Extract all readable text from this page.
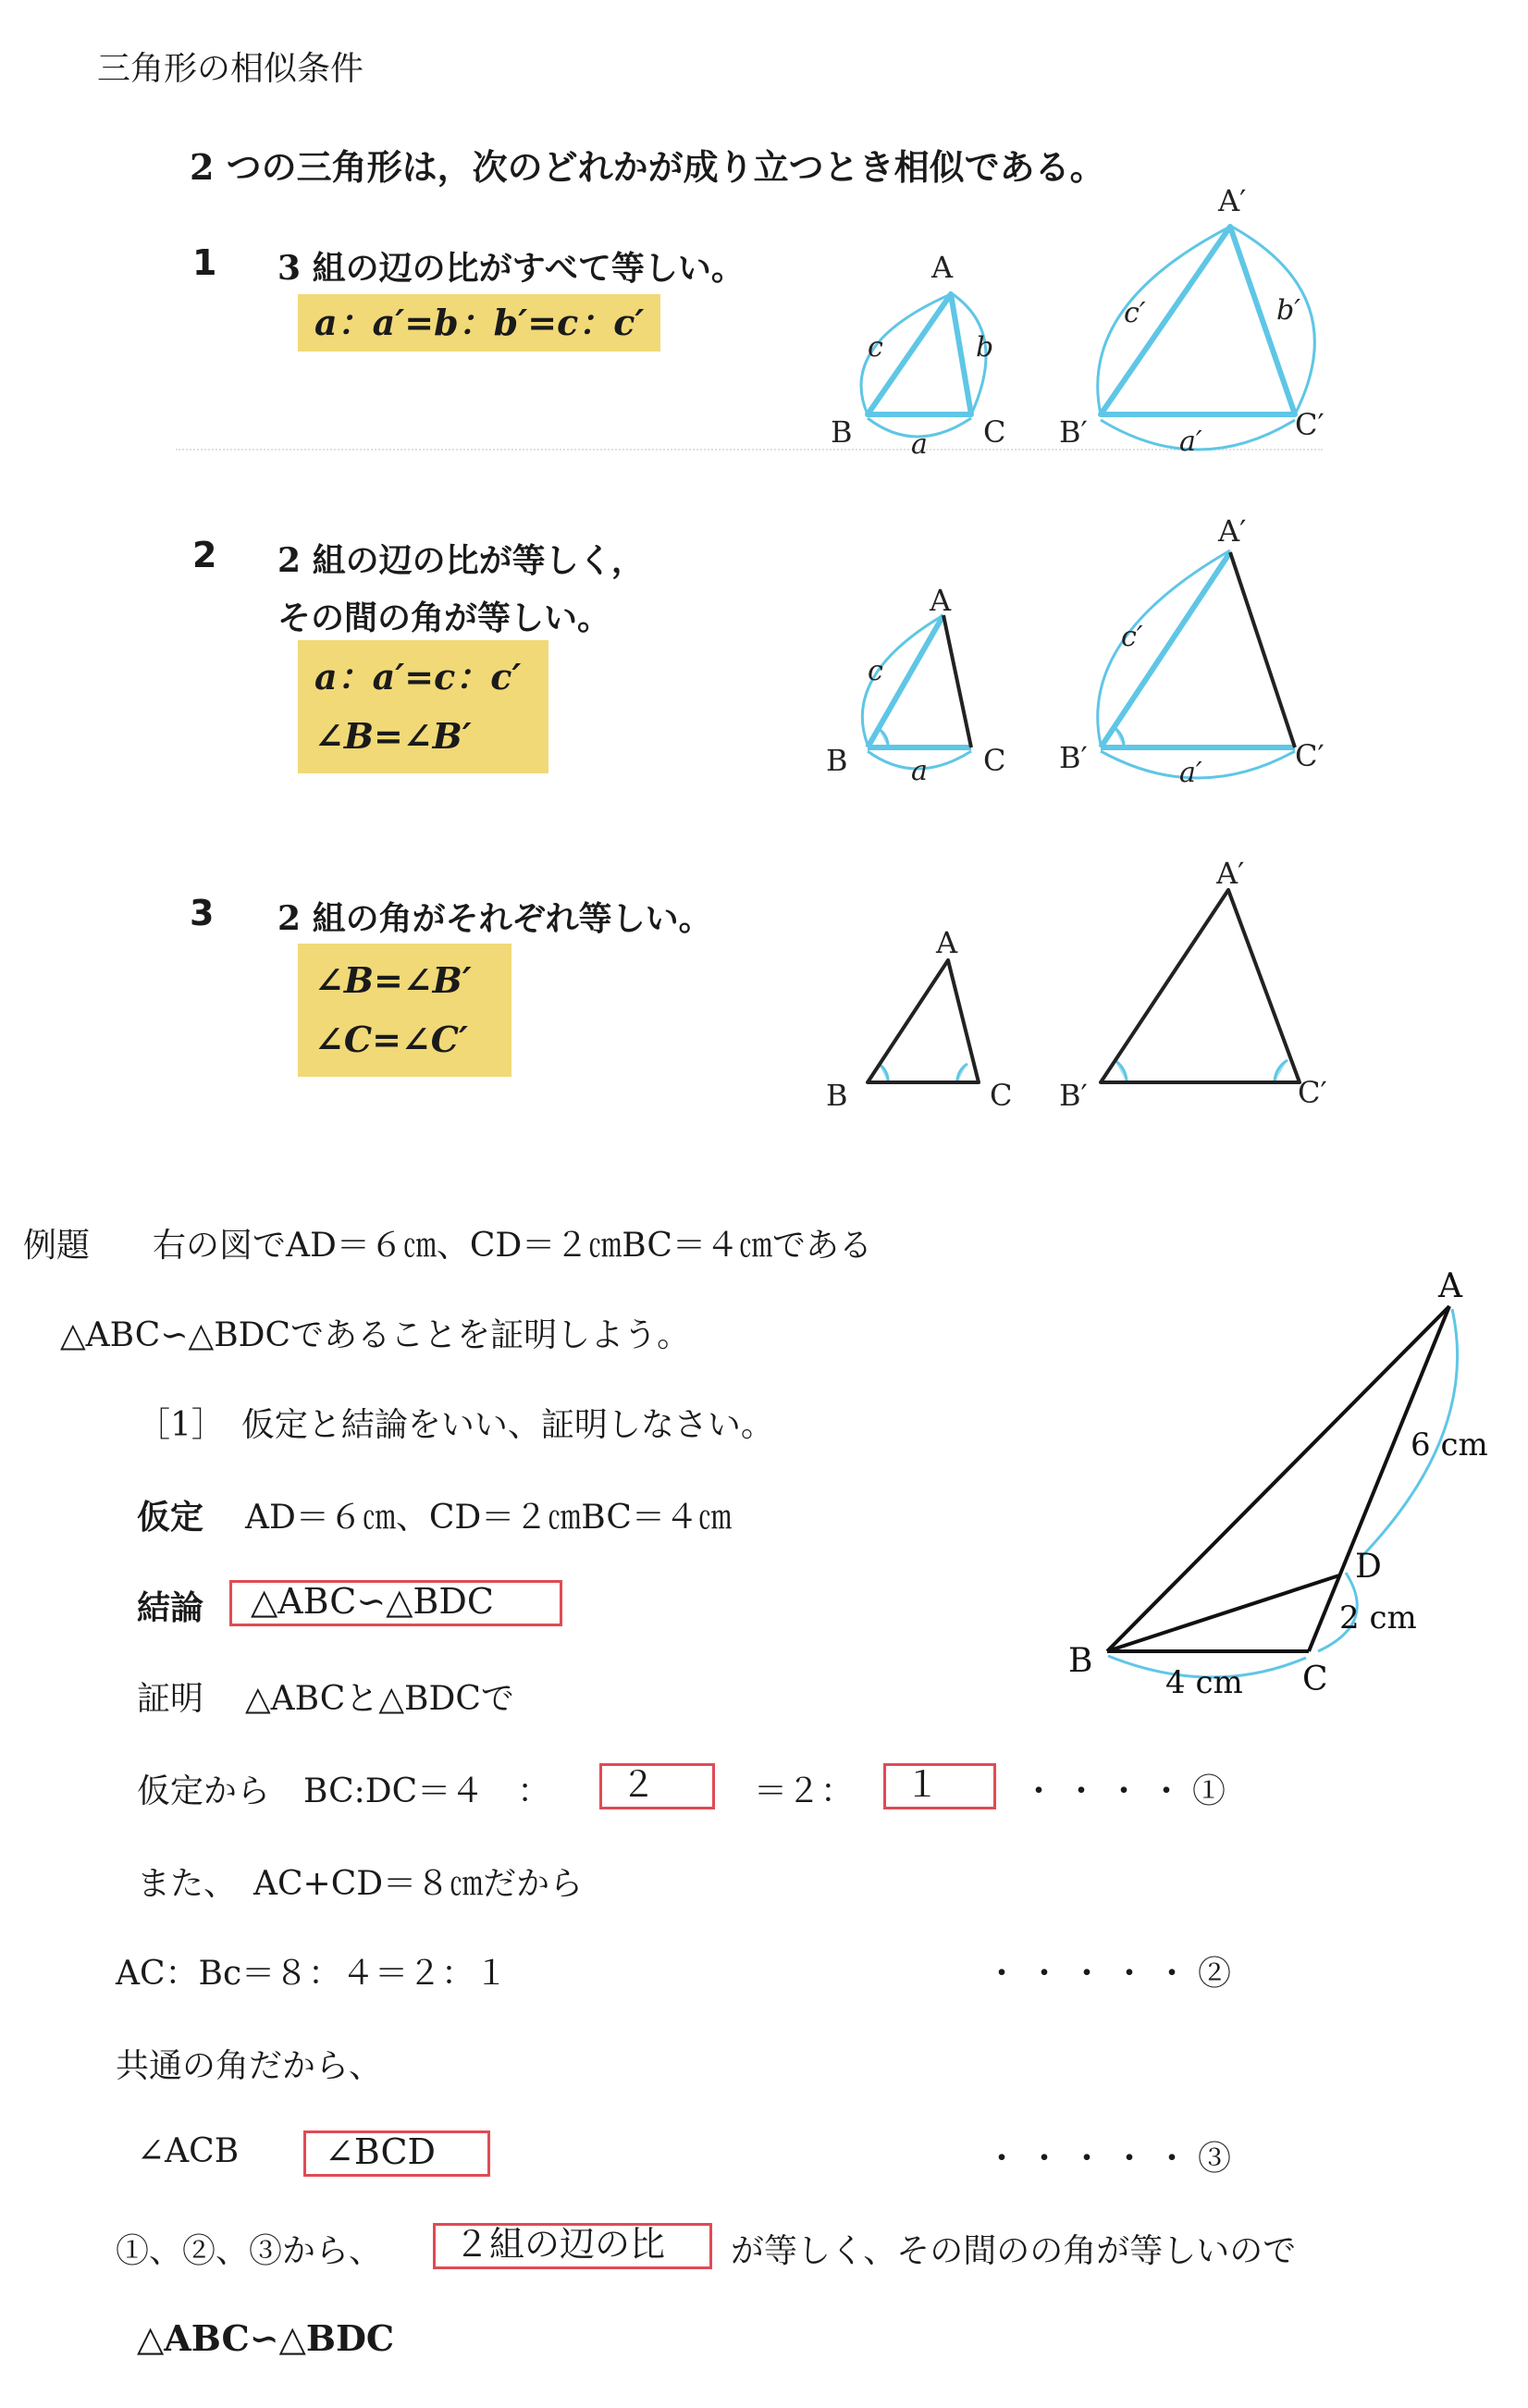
三角形の相似条件
2 つの三角形は，次のどれかが成り立つとき相似である。
1 3 組の辺の比がすべて等しい。
a：a′=b：b′=c：c′
2 2 組の辺の比が等しく，
その間の角が等しい。
a：a′=c：c′
∠B=∠B′
3 2 組の角がそれぞれ等しい。
∠B=∠B′
∠C=∠C′
A
B	C
c	b
a
A′
B′	C′
c′	b′
a′
A
B	C
c
a
A′
B′	C′
c′
a′
A
B	C
A′
B′	C′
例題 右の図でAD＝６㎝、CD＝２㎝BC＝４㎝である
△ABC∽△BDCであることを証明しよう。
［1］　仮定と結論をいい、証明しなさい。
仮定 AD＝６㎝、CD＝２㎝BC＝４㎝
結論	△ABC∽△BDC
証明 △ABCと△BDCで
仮定から　BC:DC＝４　：	２	＝２：	１	・・・・①
また、　AC+CD＝８㎝だから
AC：Bc＝８：４＝２：１	・・・・・②
共通の角だから、
∠ACB	∠BCD	・・・・・③
①、②、③から、	２組の辺の比	が等しく、その間のの角が等しいので
△ABC∽△BDC
A
B	C
D
6 cm
2 cm
4 cm
